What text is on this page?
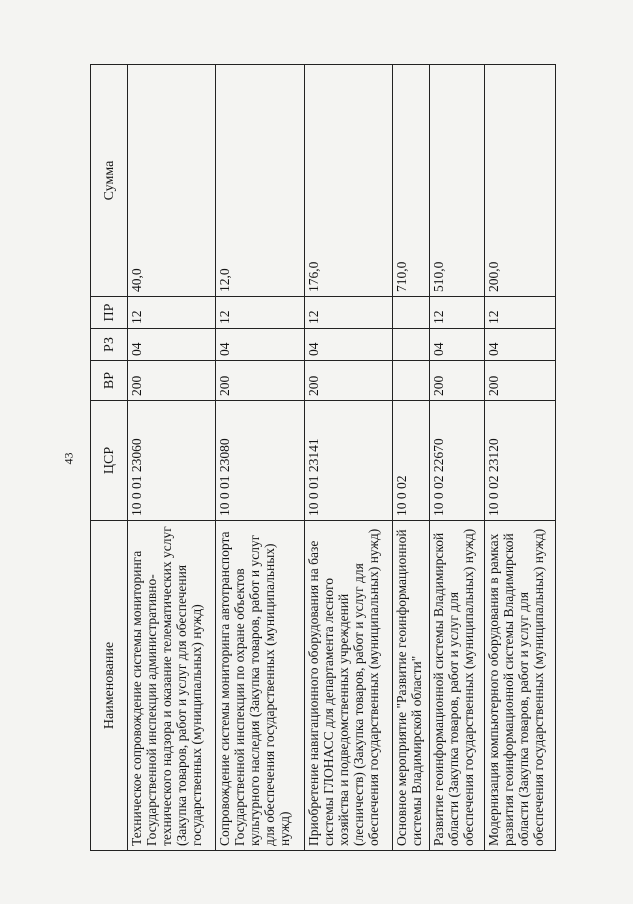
43
Наименование	ЦСР	ВР	РЗ	ПР	Сумма
Техническое сопровождение системы мониторинга Государственной инспекции административно-технического надзора и оказание телематических услуг (Закупка товаров, работ и услуг для обеспечения государственных (муниципальных) нужд)	10 0 01 23060	200	04	12	40,0
Сопровождение системы мониторинга автотранспорта Государственной инспекции по охране объектов культурного наследия (Закупка товаров, работ и услуг для обеспечения государственных (муниципальных) нужд)	10 0 01 23080	200	04	12	12,0
Приобретение навигационного оборудования на базе системы ГЛОНАСС для департамента лесного хозяйства и подведомственных учреждений (лесничеств) (Закупка товаров, работ и услуг для обеспечения государственных (муниципальных) нужд)	10 0 01 23141	200	04	12	176,0
Основное мероприятие "Развитие геоинформационной системы Владимирской области"	10 0 02				710,0
Развитие геоинформационной системы Владимирской области (Закупка товаров, работ и услуг для обеспечения государственных (муниципальных) нужд)	10 0 02 22670	200	04	12	510,0
Модернизация компьютерного оборудования в рамках развития геоинформационной системы Владимирской области (Закупка товаров, работ и услуг для обеспечения государственных (муниципальных) нужд)	10 0 02 23120	200	04	12	200,0
